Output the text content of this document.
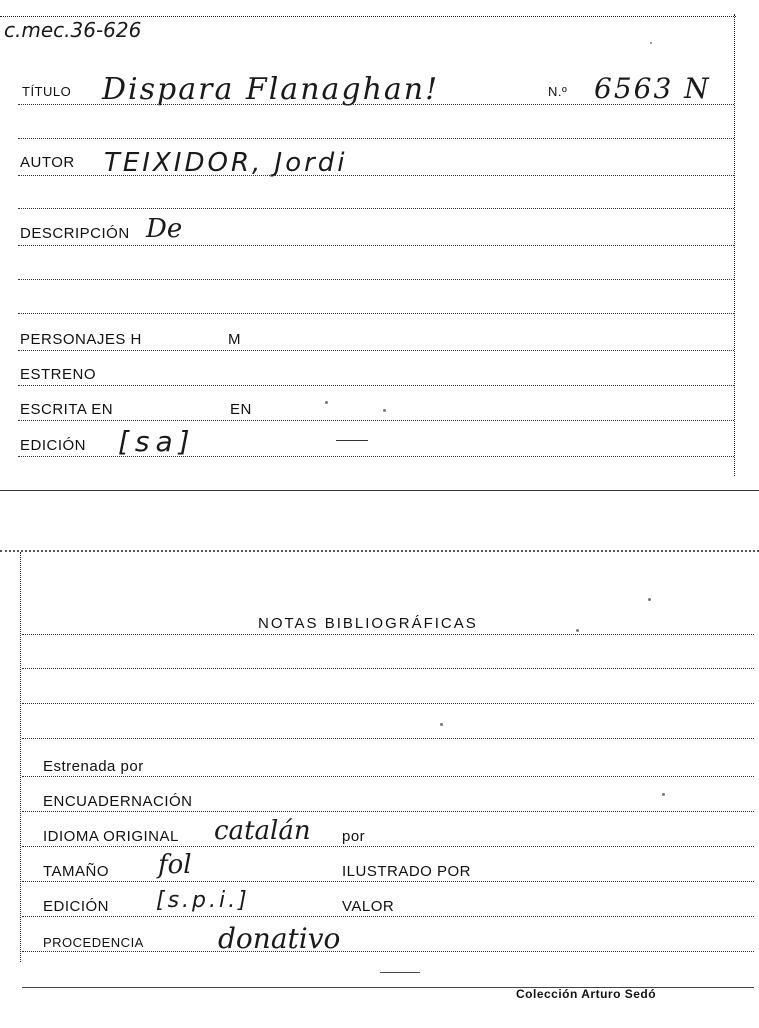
c.mec.36-626
TÍTULO Dispara Flanaghan!	N.º 6563 N
AUTOR TEIXIDOR, Jordi
DESCRIPCIÓN De
PERSONAJES H	M
ESTRENO
ESCRITA EN	EN
EDICIÓN [sa]
NOTAS BIBLIOGRÁFICAS
Estrenada por
ENCUADERNACIÓN
IDIOMA ORIGINAL catalán por
TAMAÑO fol	ILUSTRADO POR
EDICIÓN [s.p.i.]	VALOR
PROCEDENCIA	donativo
Colección Arturo Sedó
